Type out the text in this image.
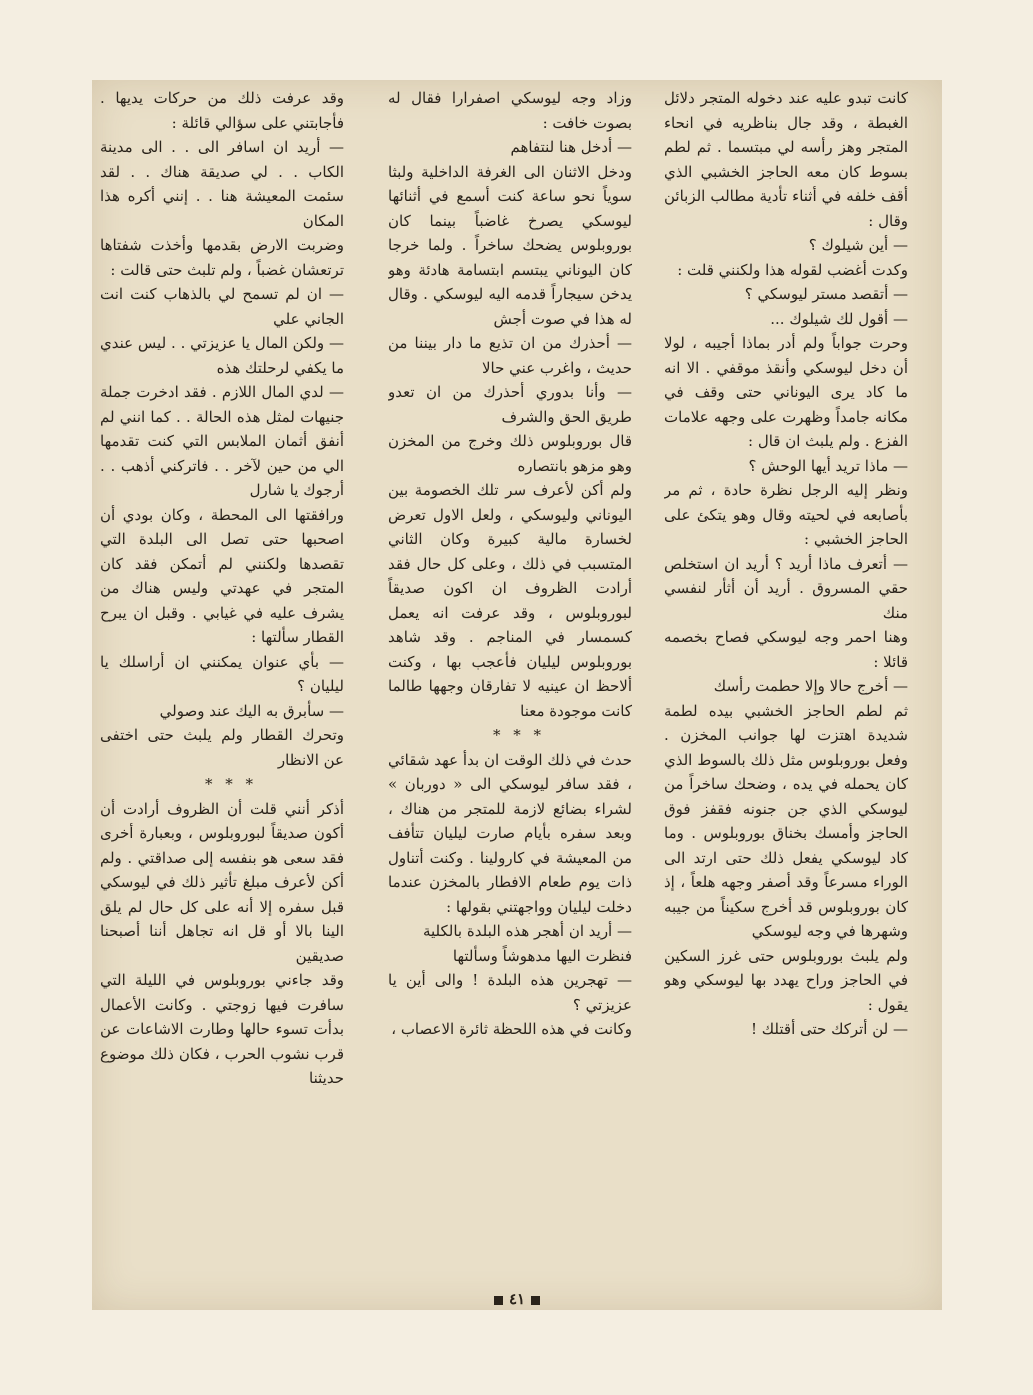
كانت تبدو عليه عند دخوله المتجر دلائل الغبطة ، وقد جال بناظريه في انحاء المتجر وهز رأسه لي مبتسما . ثم لطم بسوط كان معه الحاجز الخشبي الذي أقف خلفه في أثناء تأدية مطالب الزبائن وقال :

— أين شيلوك ؟

وكدت أغضب لقوله هذا ولكنني قلت :

— أتقصد مستر ليوسكي ؟

— أقول لك شيلوك ...

وحرت جواباً ولم أدر بماذا أجيبه ، لولا أن دخل ليوسكي وأنقذ موقفي . الا انه ما كاد يرى اليوناني حتى وقف في مكانه جامداً وظهرت على وجهه علامات الفزع . ولم يلبث ان قال :

— ماذا تريد أيها الوحش ؟

ونظر إليه الرجل نظرة حادة ، ثم مر بأصابعه في لحيته وقال وهو يتكئ على الحاجز الخشبي :

— أتعرف ماذا أريد ؟ أريد ان استخلص حقي المسروق . أريد أن أثأر لنفسي منك

وهنا احمر وجه ليوسكي فصاح بخصمه قائلا :

— أخرج حالا وإلا حطمت رأسك

ثم لطم الحاجز الخشبي بيده لطمة شديدة اهتزت لها جوانب المخزن . وفعل بوروبلوس مثل ذلك بالسوط الذي كان يحمله في يده ، وضحك ساخراً من ليوسكي الذي جن جنونه فقفز فوق الحاجز وأمسك بخناق بوروبلوس . وما كاد ليوسكي يفعل ذلك حتى ارتد الى الوراء مسرعاً وقد أصفر وجهه هلعاً ، إذ كان بوروبلوس قد أخرج سكيناً من جيبه وشهرها في وجه ليوسكي

ولم يلبث بوروبلوس حتى غرز السكين في الحاجز وراح يهدد بها ليوسكي وهو يقول :

— لن أتركك حتى أقتلك !

وزاد وجه ليوسكي اصفرارا فقال له بصوت خافت :

— أدخل هنا لنتفاهم

ودخل الاثنان الى الغرفة الداخلية ولبثا سوياً نحو ساعة كنت أسمع في أثنائها ليوسكي يصرخ غاضباً بينما كان بوروبلوس يضحك ساخراً . ولما خرجا كان اليوناني يبتسم ابتسامة هادئة وهو يدخن سيجاراً قدمه اليه ليوسكي . وقال له هذا في صوت أجش

— أحذرك من ان تذيع ما دار بيننا من حديث ، واغرب عني حالا

— وأنا بدوري أحذرك من ان تعدو طريق الحق والشرف

قال بوروبلوس ذلك وخرج من المخزن وهو مزهو بانتصاره

ولم أكن لأعرف سر تلك الخصومة بين اليوناني وليوسكي ، ولعل الاول تعرض لخسارة مالية كبيرة وكان الثاني المتسبب في ذلك ، وعلى كل حال فقد أرادت الظروف ان اكون صديقاً لبوروبلوس ، وقد عرفت انه يعمل كسمسار في المناجم . وقد شاهد بوروبلوس ليليان فأعجب بها ، وكنت ألاحظ ان عينيه لا تفارقان وجهها طالما كانت موجودة معنا

* * *

حدث في ذلك الوقت ان بدأ عهد شقائي ، فقد سافر ليوسكي الى « دوربان » لشراء بضائع لازمة للمتجر من هناك ، وبعد سفره بأيام صارت ليليان تتأفف من المعيشة في كارولينا . وكنت أتناول ذات يوم طعام الافطار بالمخزن عندما دخلت ليليان وواجهتني بقولها :

— أريد ان أهجر هذه البلدة بالكلية

فنظرت اليها مدهوشاً وسألتها

— تهجرين هذه البلدة ! والى أين يا عزيزتي ؟

وكانت في هذه اللحظة ثائرة الاعصاب ،

وقد عرفت ذلك من حركات يديها . فأجابتني على سؤالي قائلة :

— أريد ان اسافر الى . . الى مدينة الكاب . . لي صديقة هناك . . لقد سئمت المعيشة هنا . . إنني أكره هذا المكان

وضربت الارض بقدمها وأخذت شفتاها ترتعشان غضباً ، ولم تلبث حتى قالت :

— ان لم تسمح لي بالذهاب كنت انت الجاني علي

— ولكن المال يا عزيزتي . . ليس عندي ما يكفي لرحلتك هذه

— لدي المال اللازم . فقد ادخرت جملة جنيهات لمثل هذه الحالة . . كما انني لم أنفق أثمان الملابس التي كنت تقدمها الي من حين لآخر . . فاتركني أذهب . . أرجوك يا شارل

ورافقتها الى المحطة ، وكان بودي أن اصحبها حتى تصل الى البلدة التي تقصدها ولكنني لم أتمكن فقد كان المتجر في عهدتي وليس هناك من يشرف عليه في غيابي . وقبل ان يبرح القطار سألتها :

— بأي عنوان يمكنني ان أراسلك يا ليليان ؟

— سأبرق به اليك عند وصولي

وتحرك القطار ولم يلبث حتى اختفى عن الانظار

* * *

أذكر أنني قلت أن الظروف أرادت أن أكون صديقاً لبوروبلوس ، وبعبارة أخرى فقد سعى هو بنفسه إلى صداقتي . ولم أكن لأعرف مبلغ تأثير ذلك في ليوسكي قبل سفره إلا أنه على كل حال لم يلق الينا بالا أو قل انه تجاهل أننا أصبحنا صديقين

وقد جاءني بوروبلوس في الليلة التي سافرت فيها زوجتي . وكانت الأعمال بدأت تسوء حالها وطارت الاشاعات عن قرب نشوب الحرب ، فكان ذلك موضوع حديثنا

٤١
